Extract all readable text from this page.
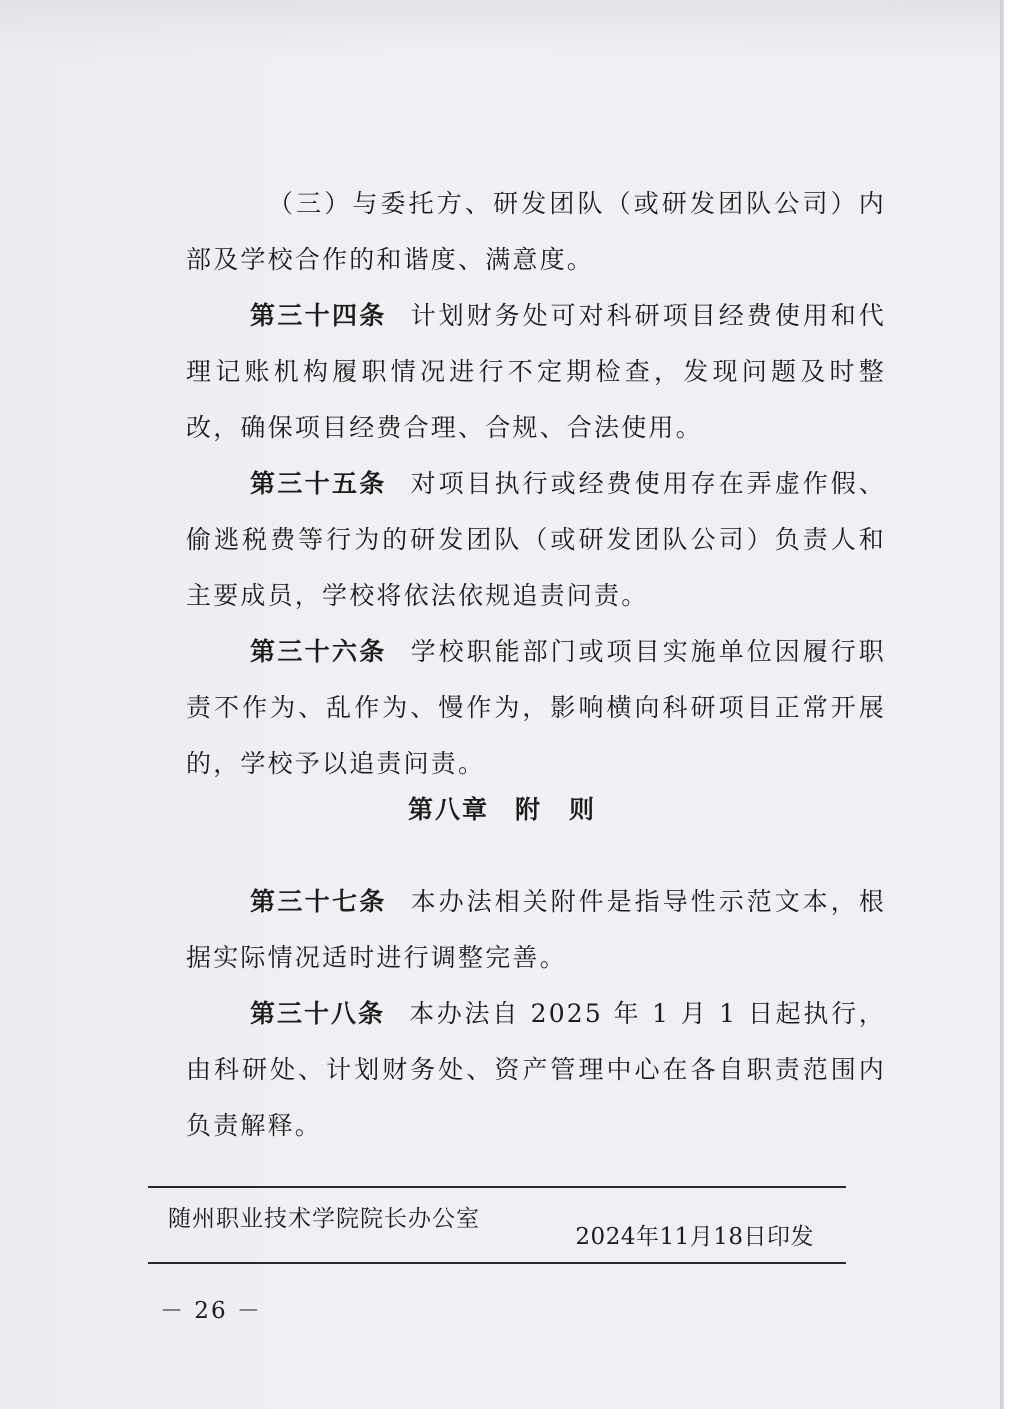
（三）与委托方、研发团队（或研发团队公司）内部及学校合作的和谐度、满意度。

第三十四条 计划财务处可对科研项目经费使用和代理记账机构履职情况进行不定期检查，发现问题及时整改，确保项目经费合理、合规、合法使用。

第三十五条 对项目执行或经费使用存在弄虚作假、偷逃税费等行为的研发团队（或研发团队公司）负责人和主要成员，学校将依法依规追责问责。

第三十六条 学校职能部门或项目实施单位因履行职责不作为、乱作为、慢作为，影响横向科研项目正常开展的，学校予以追责问责。

第八章 附　则

第三十七条 本办法相关附件是指导性示范文本，根据实际情况适时进行调整完善。

第三十八条 本办法自 2025 年 1 月 1 日起执行，由科研处、计划财务处、资产管理中心在各自职责范围内负责解释。

随州职业技术学院院长办公室
2024年11月18日印发
－ 26 －
